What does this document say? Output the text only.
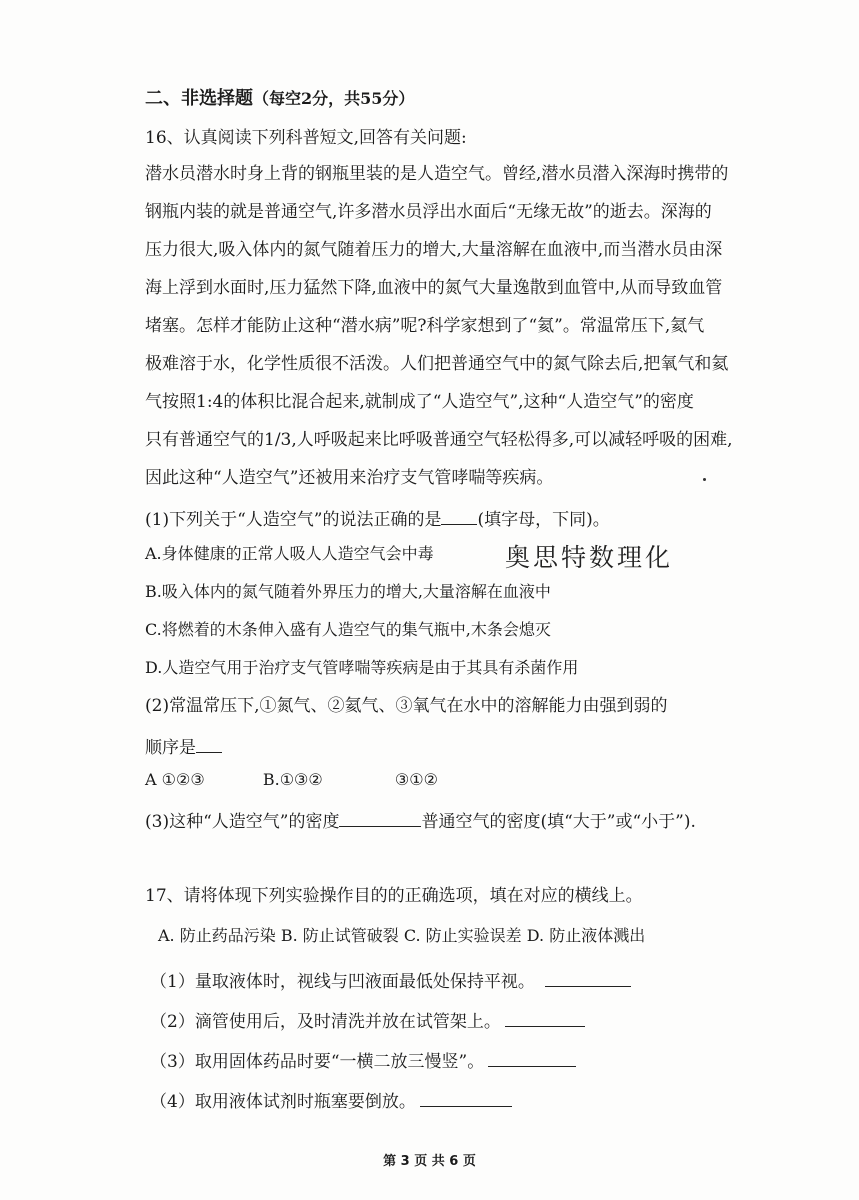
二、非选择题（每空2分，共55分）
16、认真阅读下列科普短文,回答有关问题:
潜水员潜水时身上背的钢瓶里装的是人造空气。曾经,潜水员潜入深海时携带的
钢瓶内装的就是普通空气,许多潜水员浮出水面后“无缘无故”的逝去。深海的
压力很大,吸入体内的氮气随着压力的增大,大量溶解在血液中,而当潜水员由深
海上浮到水面时,压力猛然下降,血液中的氮气大量逸散到血管中,从而导致血管
堵塞。怎样才能防止这种“潜水病”呢?科学家想到了“氦”。常温常压下,氦气
极难溶于水，化学性质很不活泼。人们把普通空气中的氮气除去后,把氧气和氦
气按照1:4的体积比混合起来,就制成了“人造空气”,这种“人造空气”的密度
只有普通空气的1/3,人呼吸起来比呼吸普通空气轻松得多,可以减轻呼吸的困难,
因此这种“人造空气”还被用来治疗支气管哮喘等疾病。
(1)下列关于“人造空气”的说法正确的是 (填字母，下同)。
A.身体健康的正常人吸人人造空气会中毒	奥思特数理化
B.吸入体内的氮气随着外界压力的增大,大量溶解在血液中
C.将燃着的木条伸入盛有人造空气的集气瓶中,木条会熄灭
D.人造空气用于治疗支气管哮喘等疾病是由于其具有杀菌作用
(2)常温常压下,①氮气、②氦气、③氧气在水中的溶解能力由强到弱的
顺序是
A ①②③	B.①③②	③①②
(3)这种“人造空气”的密度	普通空气的密度(填“大于”或“小于”).
17、请将体现下列实验操作目的的正确选项，填在对应的横线上。
A. 防止药品污染 B. 防止试管破裂 C. 防止实验误差 D. 防止液体溅出
（1）量取液体时，视线与凹液面最低处保持平视。
（2）滴管使用后，及时清洗并放在试管架上。
（3）取用固体药品时要“一横二放三慢竖”。
（4）取用液体试剂时瓶塞要倒放。
第 3 页 共 6 页
